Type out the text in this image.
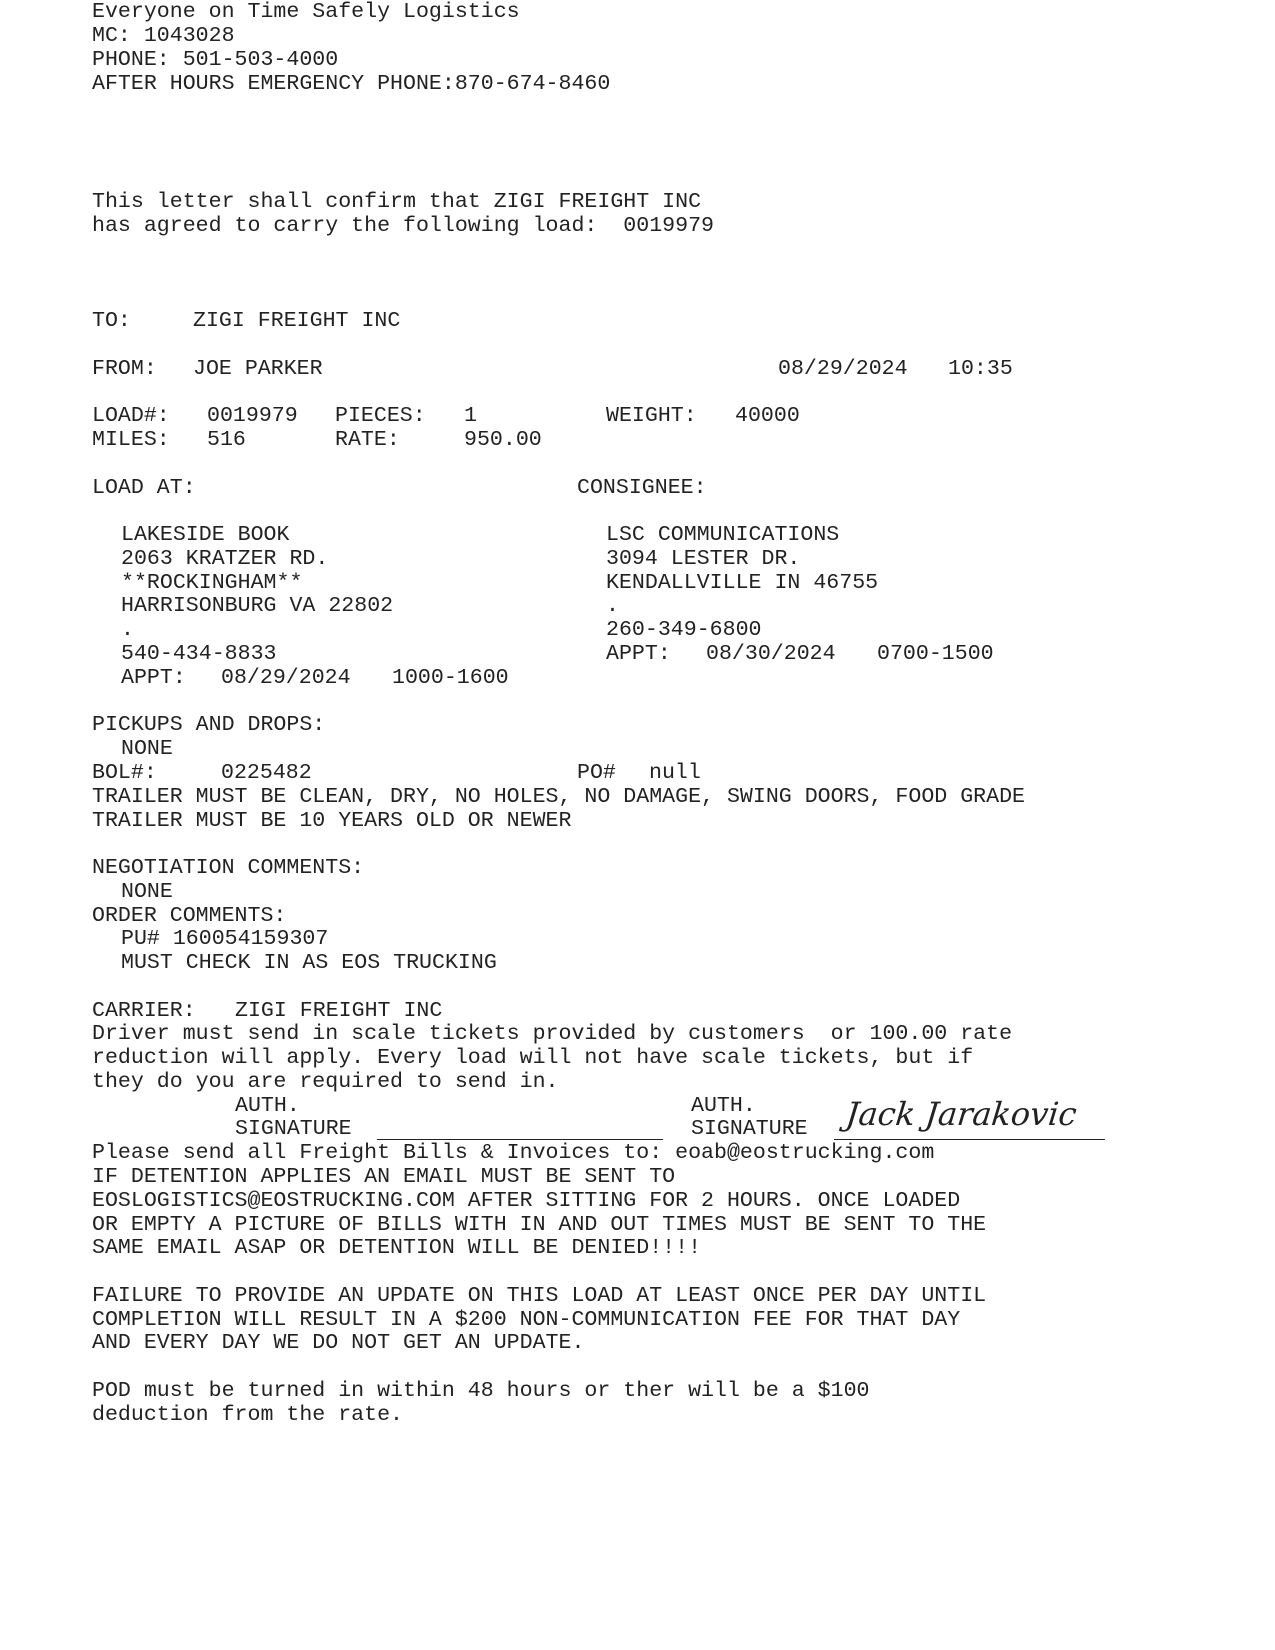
Everyone on Time Safely Logistics
MC: 1043028
PHONE: 501-503-4000
AFTER HOURS EMERGENCY PHONE:870-674-8460
This letter shall confirm that ZIGI FREIGHT INC
has agreed to carry the following load:  0019979
TO:	ZIGI FREIGHT INC
FROM: JOE PARKER	08/29/2024 10:35
LOAD#: 0019979 PIECES: 1	WEIGHT: 40000
MILES: 516	RATE:	950.00
LOAD AT:	CONSIGNEE:
LAKESIDE BOOK
2063 KRATZER RD.
**ROCKINGHAM**
HARRISONBURG VA 22802
.
540-434-8833
APPT: 08/29/2024 1000-1600
LSC COMMUNICATIONS
3094 LESTER DR.
KENDALLVILLE IN 46755
.
260-349-6800
APPT: 08/30/2024 0700-1500
PICKUPS AND DROPS:
NONE
BOL#:	0225482	PO# null
TRAILER MUST BE CLEAN, DRY, NO HOLES, NO DAMAGE, SWING DOORS, FOOD GRADE
TRAILER MUST BE 10 YEARS OLD OR NEWER
NEGOTIATION COMMENTS:
NONE
ORDER COMMENTS:
PU# 160054159307
MUST CHECK IN AS EOS TRUCKING
CARRIER: ZIGI FREIGHT INC
Driver must send in scale tickets provided by customers  or 100.00 rate
reduction will apply. Every load will not have scale tickets, but if
they do you are required to send in.
AUTH.
SIGNATURE
AUTH.
SIGNATURE Jack Jarakovic
Please send all Freight Bills & Invoices to: eoab@eostrucking.com
IF DETENTION APPLIES AN EMAIL MUST BE SENT TO
EOSLOGISTICS@EOSTRUCKING.COM AFTER SITTING FOR 2 HOURS. ONCE LOADED
OR EMPTY A PICTURE OF BILLS WITH IN AND OUT TIMES MUST BE SENT TO THE
SAME EMAIL ASAP OR DETENTION WILL BE DENIED!!!!
FAILURE TO PROVIDE AN UPDATE ON THIS LOAD AT LEAST ONCE PER DAY UNTIL
COMPLETION WILL RESULT IN A $200 NON-COMMUNICATION FEE FOR THAT DAY
AND EVERY DAY WE DO NOT GET AN UPDATE.
POD must be turned in within 48 hours or ther will be a $100
deduction from the rate.
